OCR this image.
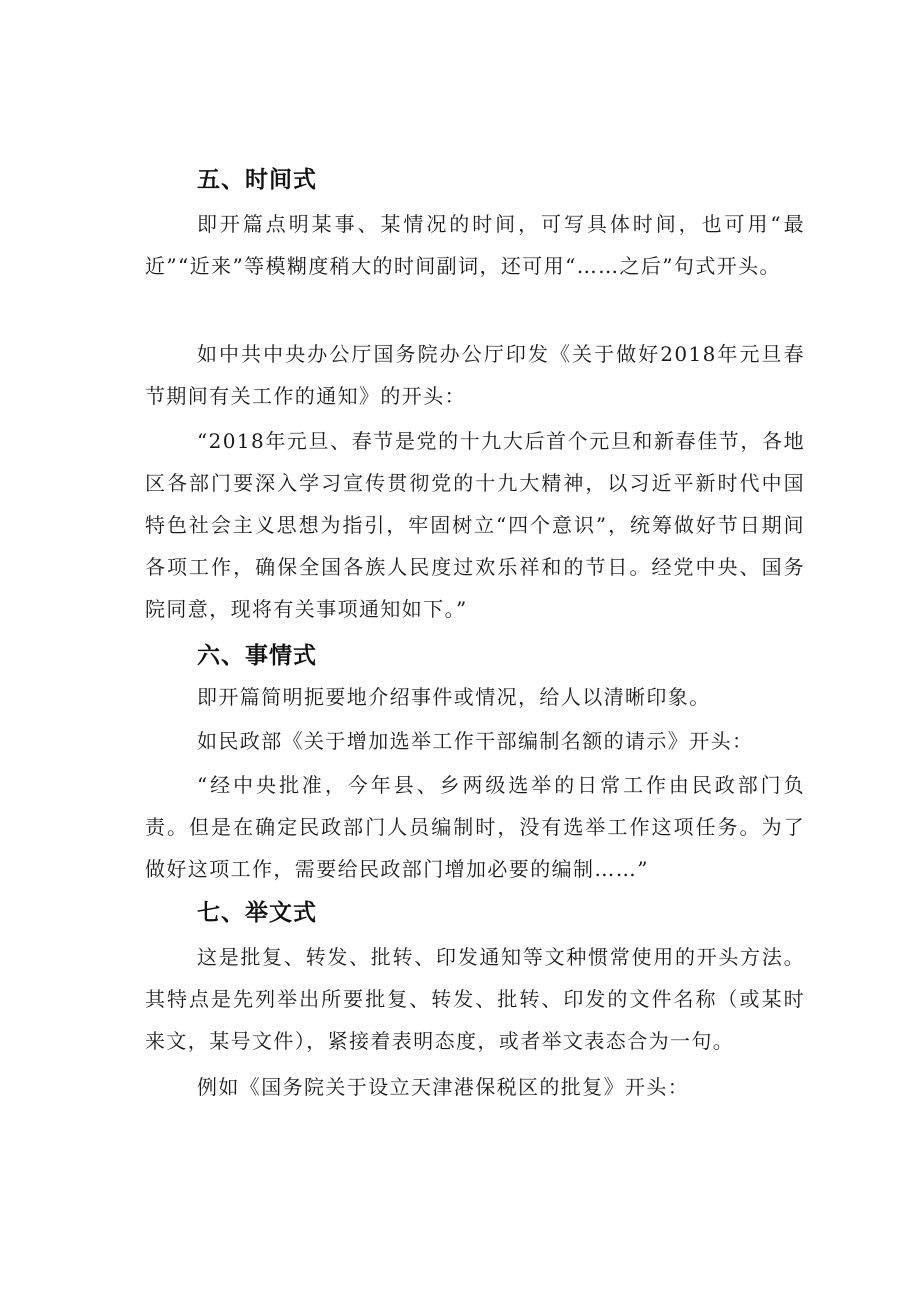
五、时间式

即开篇点明某事、某情况的时间，可写具体时间，也可用“最近”“近来”等模糊度稍大的时间副词，还可用“……之后”句式开头。

如中共中央办公厅国务院办公厅印发《关于做好2018年元旦春节期间有关工作的通知》的开头：

“2018年元旦、春节是党的十九大后首个元旦和新春佳节，各地区各部门要深入学习宣传贯彻党的十九大精神，以习近平新时代中国特色社会主义思想为指引，牢固树立“四个意识”，统筹做好节日期间各项工作，确保全国各族人民度过欢乐祥和的节日。经党中央、国务院同意，现将有关事项通知如下。”

六、事情式

即开篇简明扼要地介绍事件或情况，给人以清晰印象。

如民政部《关于增加选举工作干部编制名额的请示》开头：

“经中央批准，今年县、乡两级选举的日常工作由民政部门负责。但是在确定民政部门人员编制时，没有选举工作这项任务。为了做好这项工作，需要给民政部门增加必要的编制……”

七、举文式

这是批复、转发、批转、印发通知等文种惯常使用的开头方法。其特点是先列举出所要批复、转发、批转、印发的文件名称（或某时来文，某号文件），紧接着表明态度，或者举文表态合为一句。

例如《国务院关于设立天津港保税区的批复》开头：
